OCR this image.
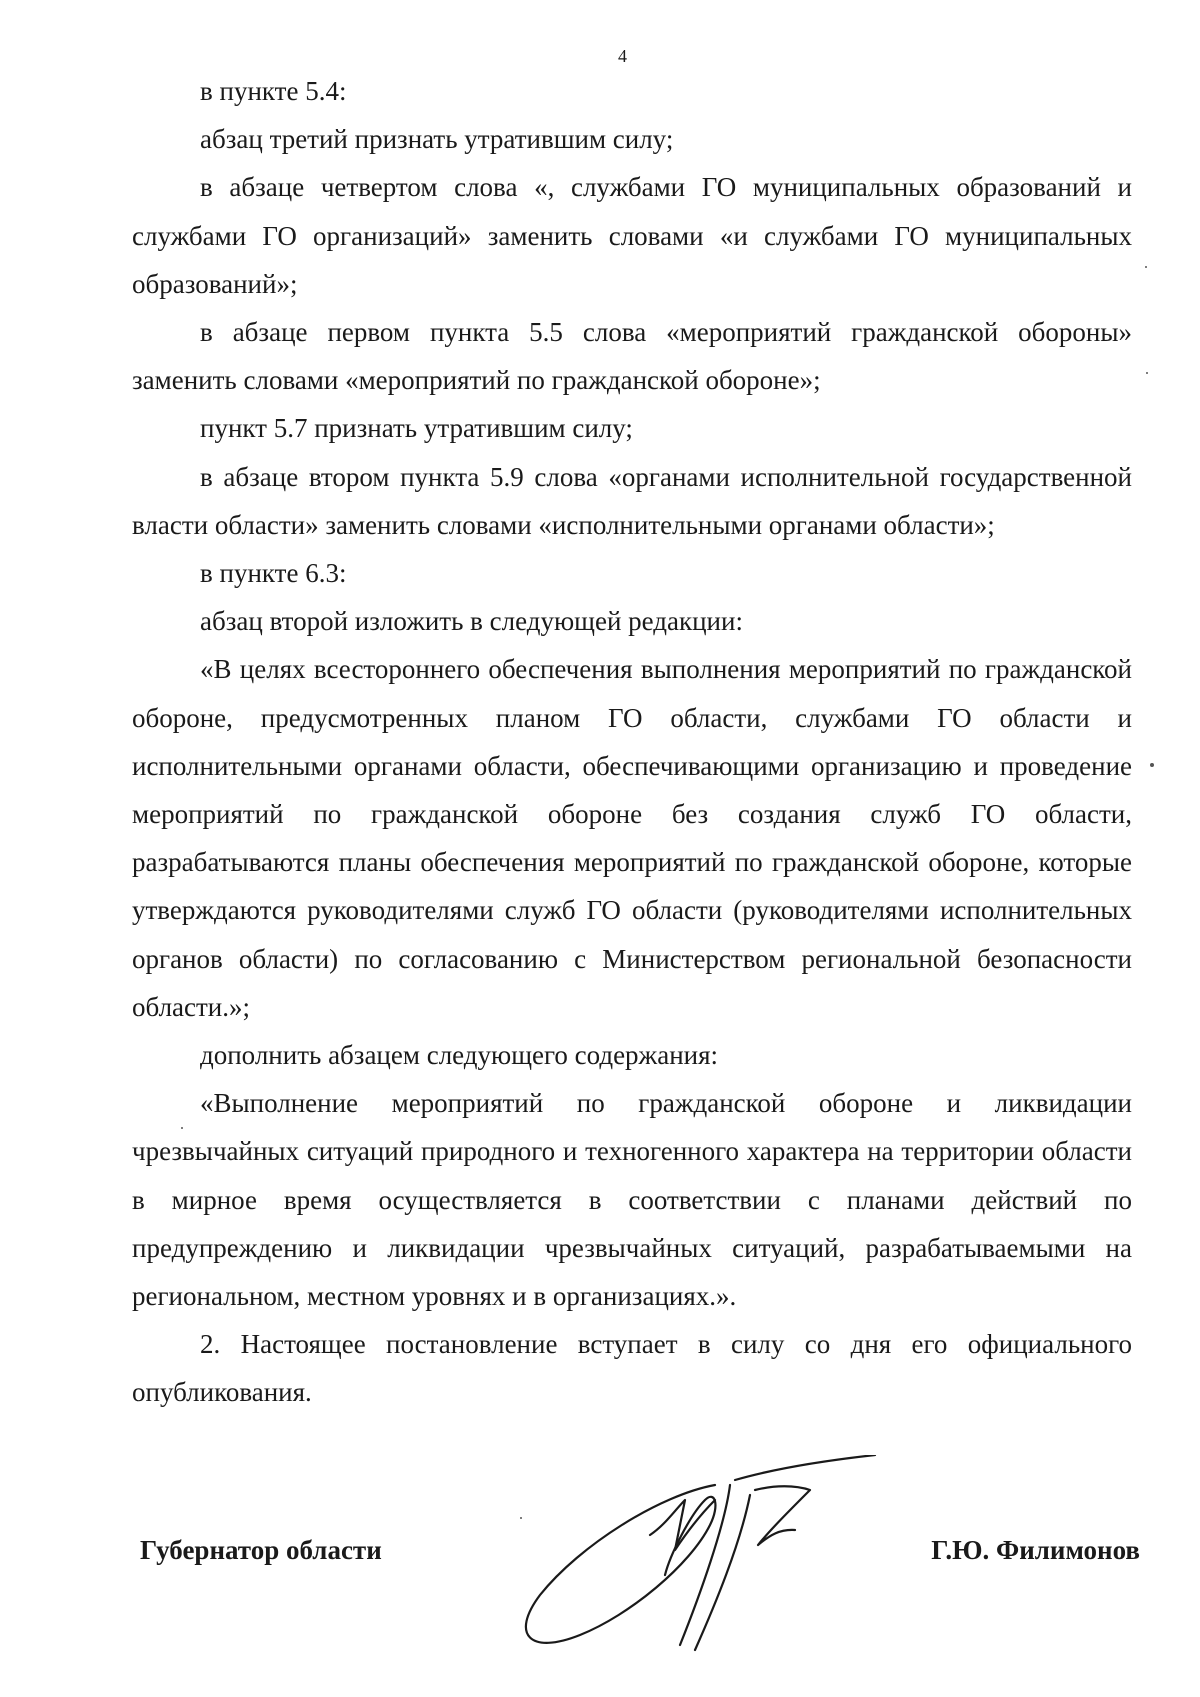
4

в пункте 5.4:

абзац третий признать утратившим силу;

в абзаце четвертом слова «, службами ГО муниципальных образований и службами ГО организаций» заменить словами «и службами ГО муниципальных образований»;

в абзаце первом пункта 5.5 слова «мероприятий гражданской обороны» заменить словами «мероприятий по гражданской обороне»;

пункт 5.7 признать утратившим силу;

в абзаце втором пункта 5.9 слова «органами исполнительной государственной власти области» заменить словами «исполнительными органами области»;

в пункте 6.3:

абзац второй изложить в следующей редакции:

«В целях всестороннего обеспечения выполнения мероприятий по гражданской обороне, предусмотренных планом ГО области, службами ГО области и исполнительными органами области, обеспечивающими организацию и проведение мероприятий по гражданской обороне без создания служб ГО области, разрабатываются планы обеспечения мероприятий по гражданской обороне, которые утверждаются руководителями служб ГО области (руководителями исполнительных органов области) по согласованию с Министерством региональной безопасности области.»;

дополнить абзацем следующего содержания:

«Выполнение мероприятий по гражданской обороне и ликвидации чрезвычайных ситуаций природного и техногенного характера на территории области в мирное время осуществляется в соответствии с планами действий по предупреждению и ликвидации чрезвычайных ситуаций, разрабатываемыми на региональном, местном уровнях и в организациях.».

2. Настоящее постановление вступает в силу со дня его официального опубликования.

Губернатор области	Г.Ю. Филимонов
